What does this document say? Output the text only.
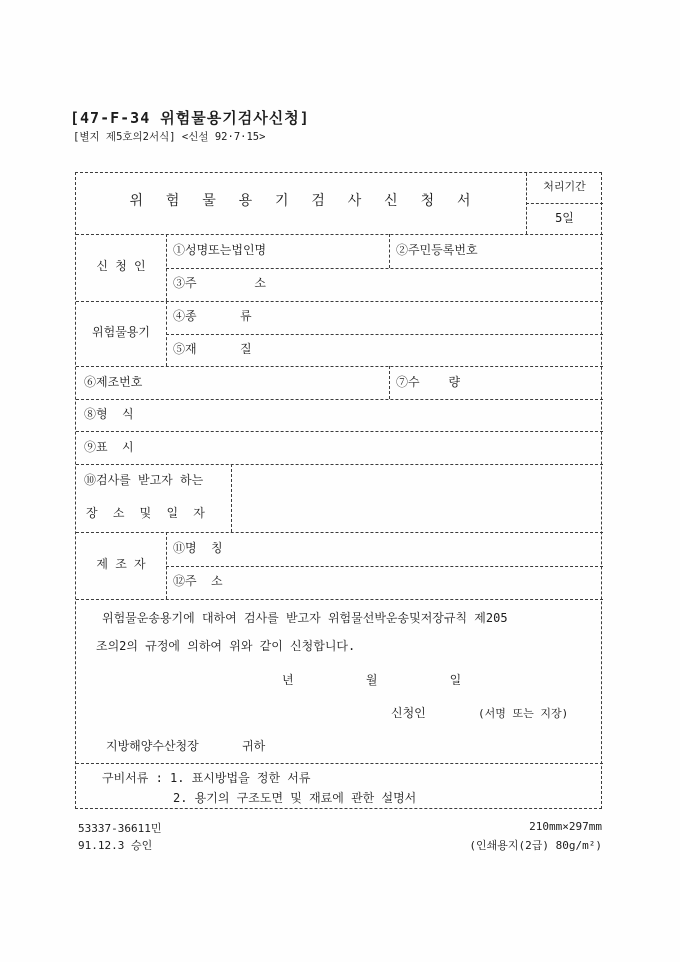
[47-F-34 위험물용기검사신청]
[별지 제5호의2서식] <신설 92·7·15>
위  험  물  용  기  검  사  신  청  서
처리기간
5일
신 청 인
①성명또는법인명	②주민등록번호
③주        소
위험물용기
④종      류
⑤재      질
⑥제조번호	⑦수    량
⑧형  식
⑨표  시
⑩검사를 받고자 하는
장 소 및 일 자
제 조 자
⑪명  칭
⑫주  소
위험물운송용기에 대하여 검사를 받고자 위험물선박운송및저장규칙 제205
조의2의 규정에 의하여 위와 같이 신청합니다.
년          월          일
신청인	(서명 또는 지장)
지방해양수산청장      귀하
구비서류 : 1. 표시방법을 정한 서류
2. 용기의 구조도면 및 재료에 관한 설명서
53337-36611민
91.12.3 승인
210mm×297mm
(인쇄용지(2급) 80g/m²)
